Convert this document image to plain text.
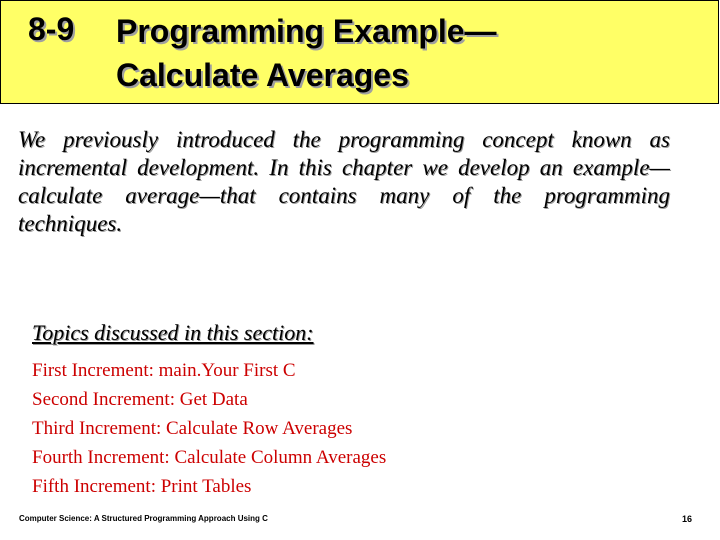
8-9 Programming Example—
Calculate Averages

We previously introduced the programming concept known as incremental development. In this chapter we develop an example—calculate average—that contains many of the programming techniques.

Topics discussed in this section:

First Increment: main.Your First C
Second Increment: Get Data
Third Increment: Calculate Row Averages
Fourth Increment: Calculate Column Averages
Fifth Increment: Print Tables
Computer Science: A Structured Programming Approach Using C	16
